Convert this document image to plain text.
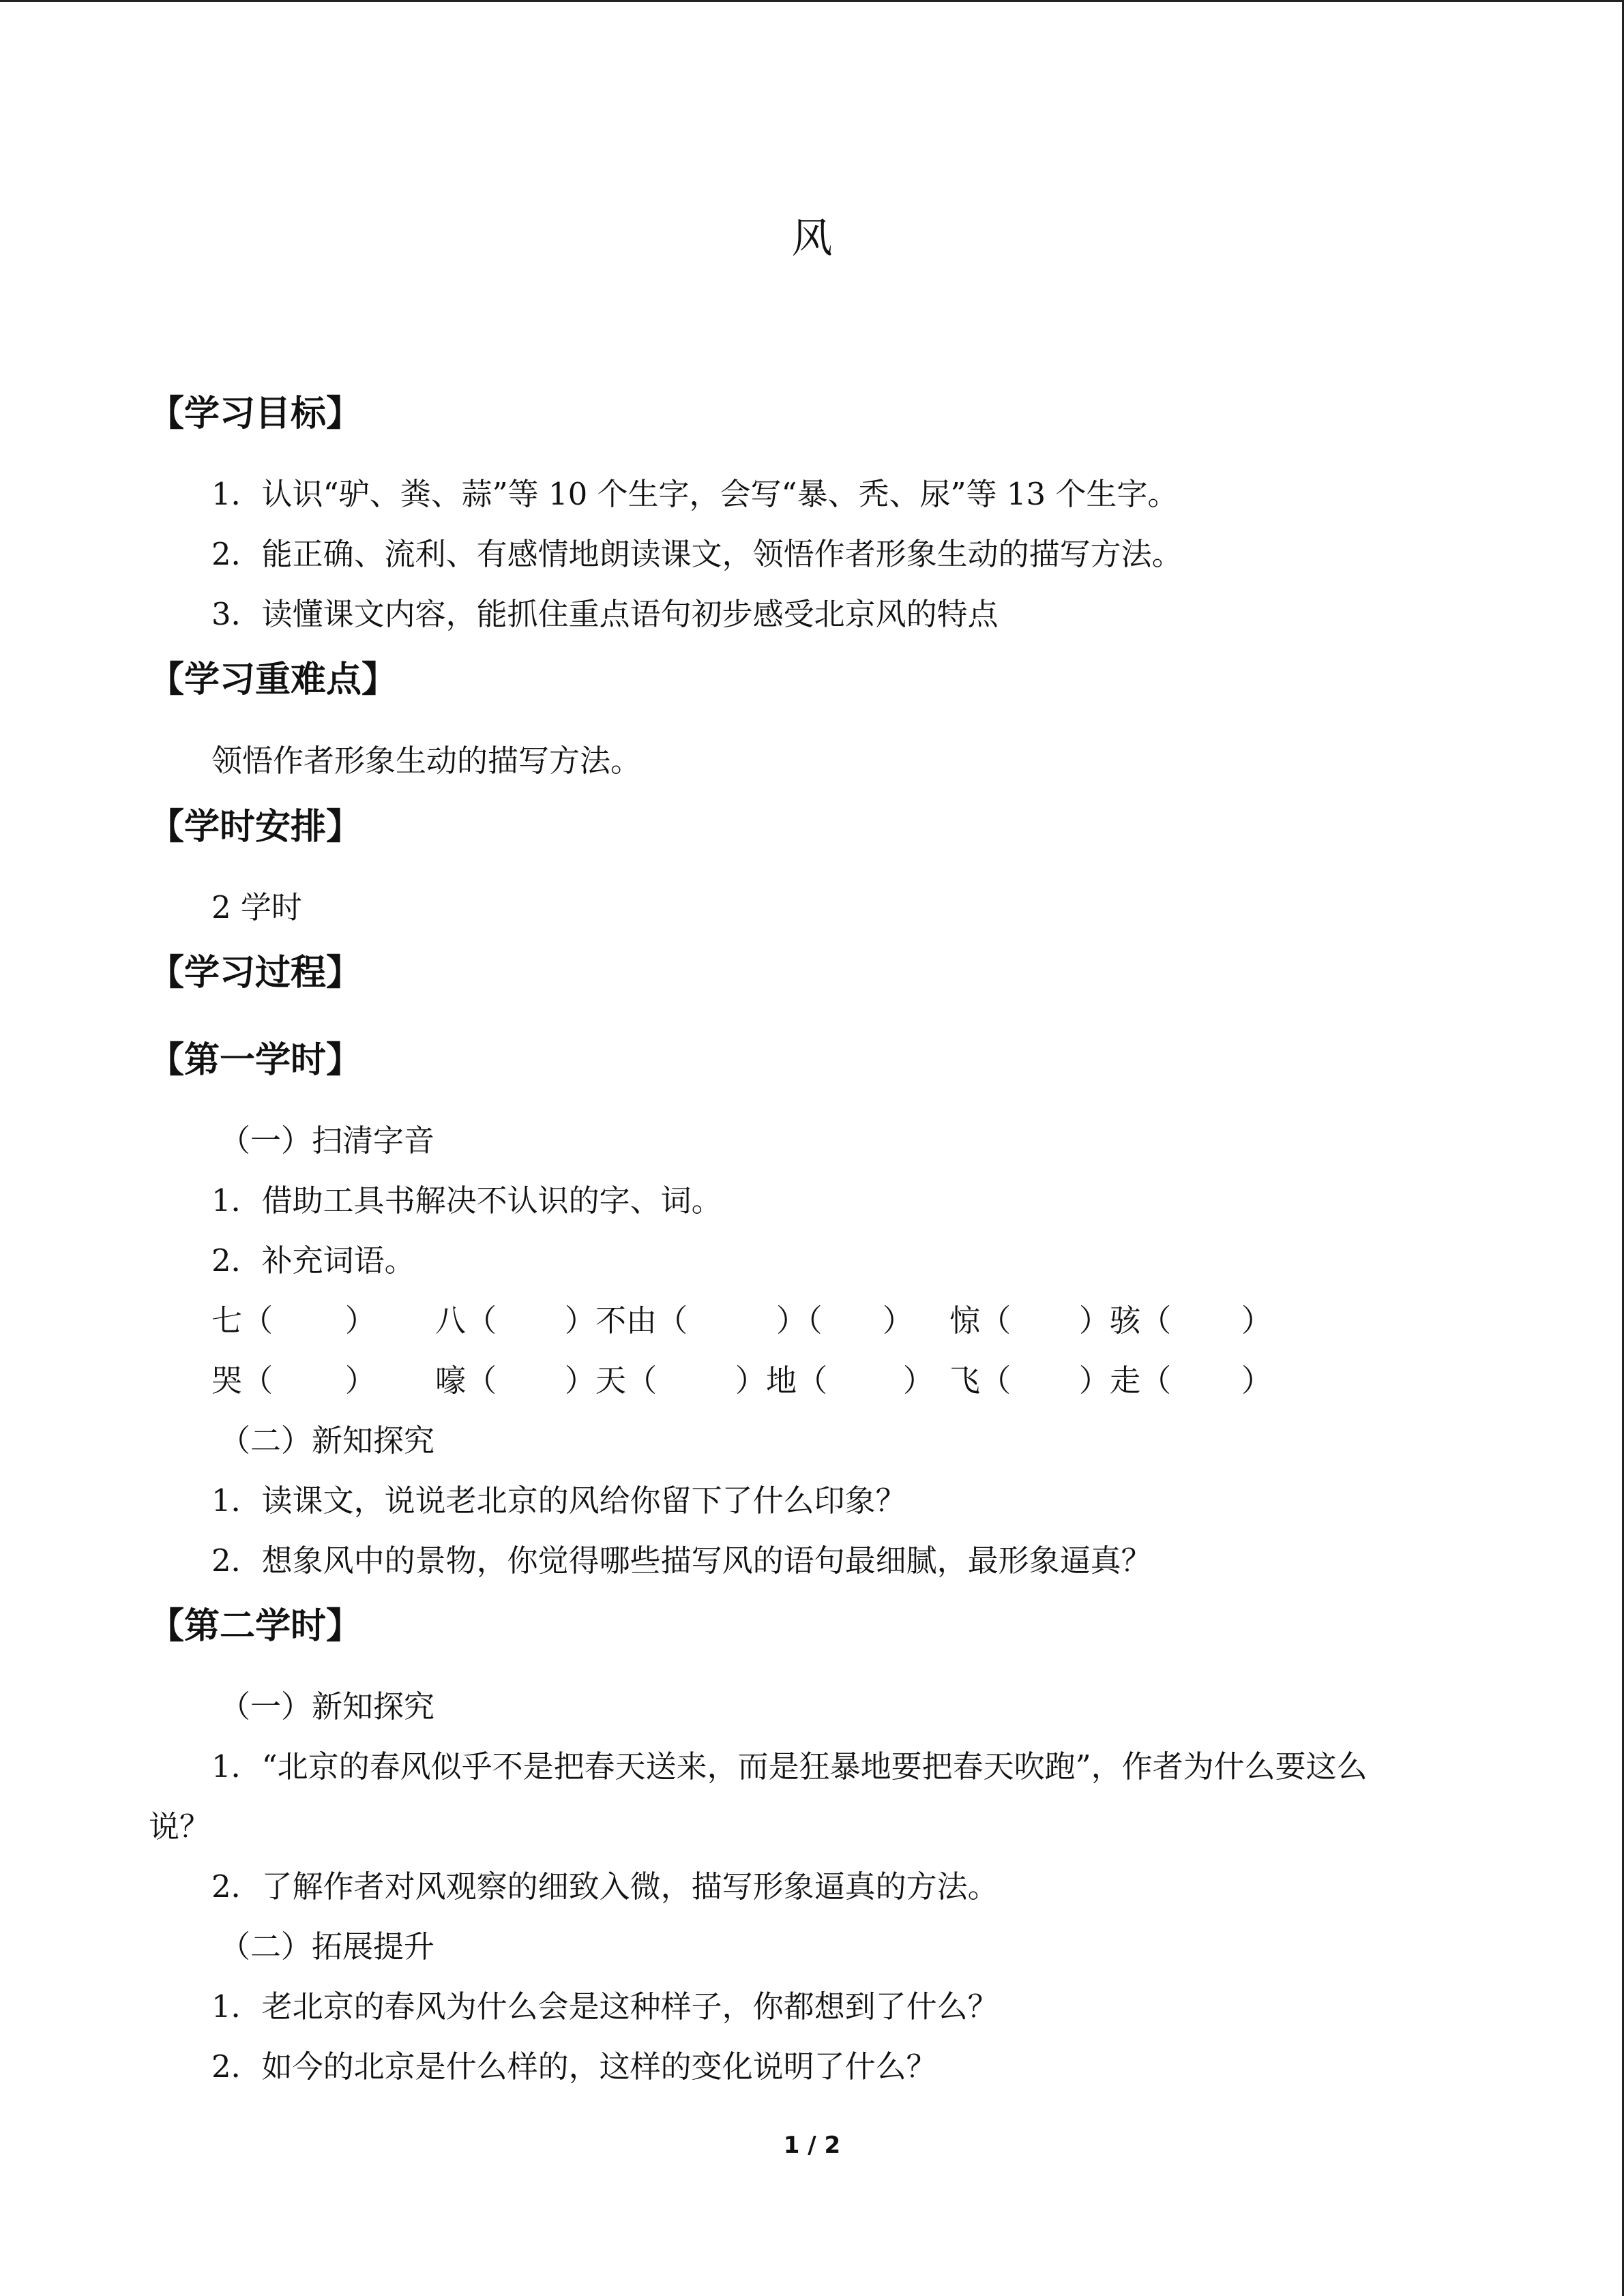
风
【学习目标】
1．认识“驴、粪、蒜”等 10 个生字，会写“暴、秃、尿”等 13 个生字。
2．能正确、流利、有感情地朗读课文，领悟作者形象生动的描写方法。
3．读懂课文内容，能抓住重点语句初步感受北京风的特点
【学习重难点】
领悟作者形象生动的描写方法。
【学时安排】
2 学时
【学习过程】
【第一学时】
（一）扫清字音
1．借助工具书解决不认识的字、词。
2．补充词语。
七（ ） 八（ ）不由（	）（ ） 惊（ ）骇（ ）
哭（ ） 嚎（ ）天（	）地（ ） 飞（ ）走（ ）
（二）新知探究
1．读课文，说说老北京的风给你留下了什么印象？
2．想象风中的景物，你觉得哪些描写风的语句最细腻，最形象逼真？
【第二学时】
（一）新知探究
1．“北京的春风似乎不是把春天送来，而是狂暴地要把春天吹跑”，作者为什么要这么
说？
2．了解作者对风观察的细致入微，描写形象逼真的方法。
（二）拓展提升
1．老北京的春风为什么会是这种样子，你都想到了什么？
2．如今的北京是什么样的，这样的变化说明了什么？
1 / 2
